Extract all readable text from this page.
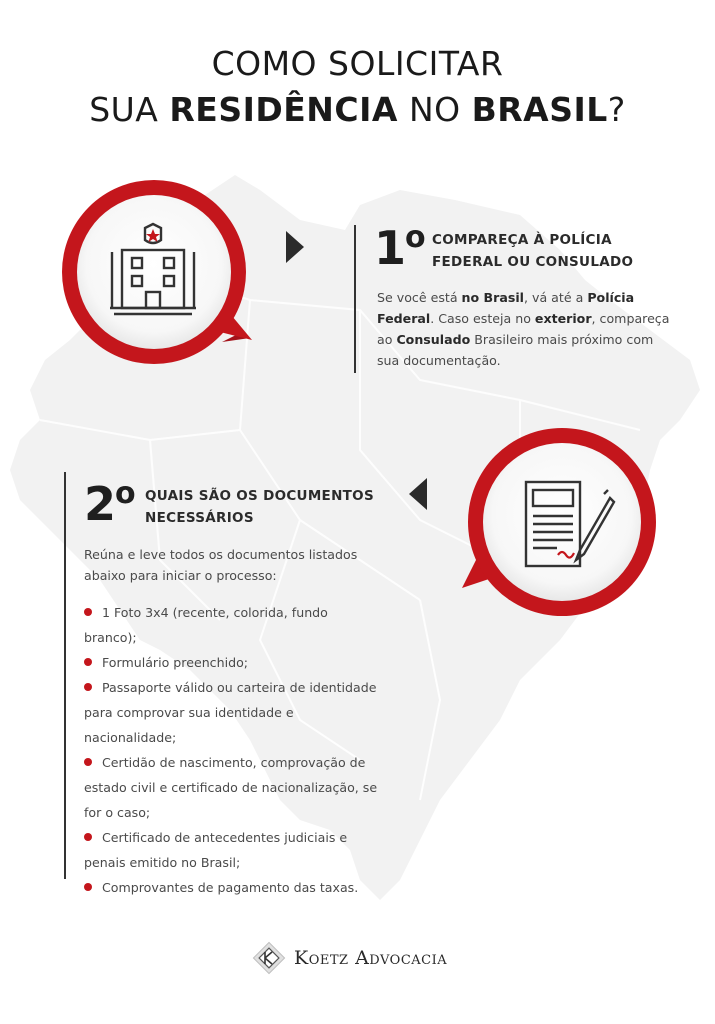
COMO SOLICITAR
SUA RESIDÊNCIA NO BRASIL?
1$^o$ COMPAREÇA À POLÍCIA
FEDERAL OU CONSULADO
Se você está no Brasil, vá até a Polícia Federal. Caso esteja no exterior, compareça ao Consulado Brasileiro mais próximo com sua documentação.
2$^o$ QUAIS SÃO OS DOCUMENTOS
NECESSÁRIOS
Reúna e leve todos os documentos listados abaixo para iniciar o processo:
1 Foto 3x4 (recente, colorida, fundo branco);
Formulário preenchido;
Passaporte válido ou carteira de identidade para comprovar sua identidade e nacionalidade;
Certidão de nascimento, comprovação de estado civil e certificado de nacionalização, se for o caso;
Certificado de antecedentes judiciais e penais emitido no Brasil;
Comprovantes de pagamento das taxas.
Koetz Advocacia
